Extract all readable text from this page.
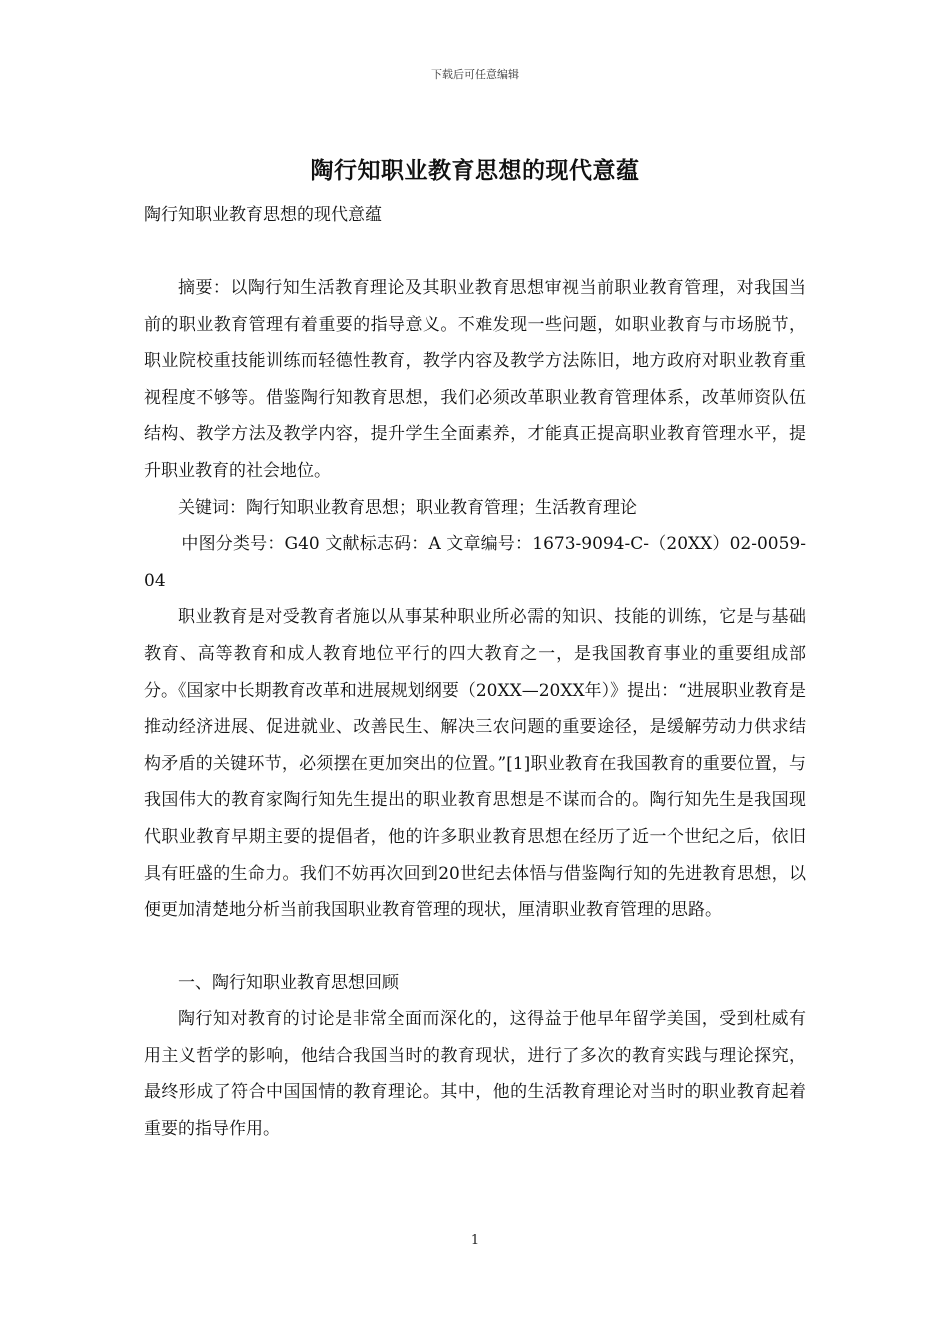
下载后可任意编辑
陶行知职业教育思想的现代意蕴

陶行知职业教育思想的现代意蕴

摘要：以陶行知生活教育理论及其职业教育思想审视当前职业教育管理，对我国当前的职业教育管理有着重要的指导意义。不难发现一些问题，如职业教育与市场脱节，职业院校重技能训练而轻德性教育，教学内容及教学方法陈旧，地方政府对职业教育重视程度不够等。借鉴陶行知教育思想，我们必须改革职业教育管理体系，改革师资队伍结构、教学方法及教学内容，提升学生全面素养，才能真正提高职业教育管理水平，提升职业教育的社会地位。

关键词：陶行知职业教育思想；职业教育管理；生活教育理论

中图分类号：G40 文献标志码：A 文章编号：1673-9094-C-（20XX）02-0059-04

职业教育是对受教育者施以从事某种职业所必需的知识、技能的训练，它是与基础教育、高等教育和成人教育地位平行的四大教育之一，是我国教育事业的重要组成部分。《国家中长期教育改革和进展规划纲要（20XX—20XX年）》提出：“进展职业教育是推动经济进展、促进就业、改善民生、解决三农问题的重要途径，是缓解劳动力供求结构矛盾的关键环节，必须摆在更加突出的位置。”[1]职业教育在我国教育的重要位置，与我国伟大的教育家陶行知先生提出的职业教育思想是不谋而合的。陶行知先生是我国现代职业教育早期主要的提倡者，他的许多职业教育思想在经历了近一个世纪之后，依旧具有旺盛的生命力。我们不妨再次回到20世纪去体悟与借鉴陶行知的先进教育思想，以便更加清楚地分析当前我国职业教育管理的现状，厘清职业教育管理的思路。

一、陶行知职业教育思想回顾

陶行知对教育的讨论是非常全面而深化的，这得益于他早年留学美国，受到杜威有用主义哲学的影响，他结合我国当时的教育现状，进行了多次的教育实践与理论探究，最终形成了符合中国国情的教育理论。其中，他的生活教育理论对当时的职业教育起着重要的指导作用。

1
